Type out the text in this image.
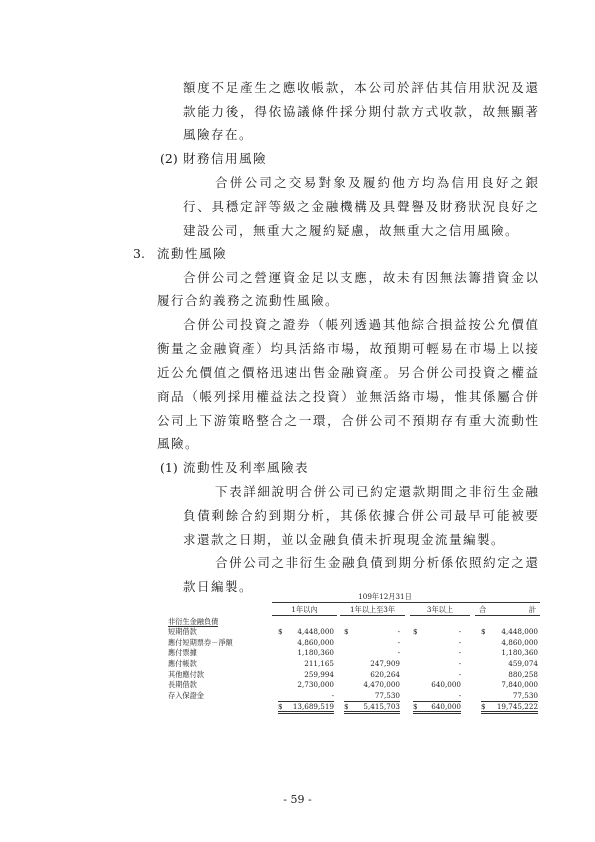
額度不足產生之應收帳款，本公司於評估其信用狀況及還
款能力後，得依協議條件採分期付款方式收款，故無顯著
風險存在。
(2) 財務信用風險
合併公司之交易對象及履約他方均為信用良好之銀
行、具穩定評等級之金融機構及具聲譽及財務狀況良好之
建設公司，無重大之履約疑慮，故無重大之信用風險。
3. 流動性風險
合併公司之營運資金足以支應，故未有因無法籌措資金以
履行合約義務之流動性風險。
合併公司投資之證券（帳列透過其他綜合損益按公允價值
衡量之金融資產）均具活絡市場，故預期可輕易在市場上以接
近公允價值之價格迅速出售金融資產。另合併公司投資之權益
商品（帳列採用權益法之投資）並無活絡市場，惟其係屬合併
公司上下游策略整合之一環，合併公司不預期存有重大流動性
風險。
(1) 流動性及利率風險表
下表詳細說明合併公司已約定還款期間之非衍生金融
負債剩餘合約到期分析，其係依據合併公司最早可能被要
求還款之日期，並以金融負債未折現現金流量編製。
合併公司之非衍生金融負債到期分析係依照約定之還
款日編製。

	109年12月31日			

	1年以內	1年以上至3年	3年以上	合　　計

非衍生金融負債				

短期借款	$ 4,448,000	$ -	$ -	$ 4,448,000

應付短期票券－淨額	4,860,000	-	-	4,860,000

應付票據	1,180,360	-	-	1,180,360

應付帳款	211,165	247,909	-	459,074

其他應付款	259,994	620,264	-	880,258

長期借款	2,730,000	4,470,000	640,000	7,840,000

存入保證金	-	77,530	-	77,530

	$ 13,689,519	$ 5,415,703	$ 640,000	$ 19,745,222
- 59 -
